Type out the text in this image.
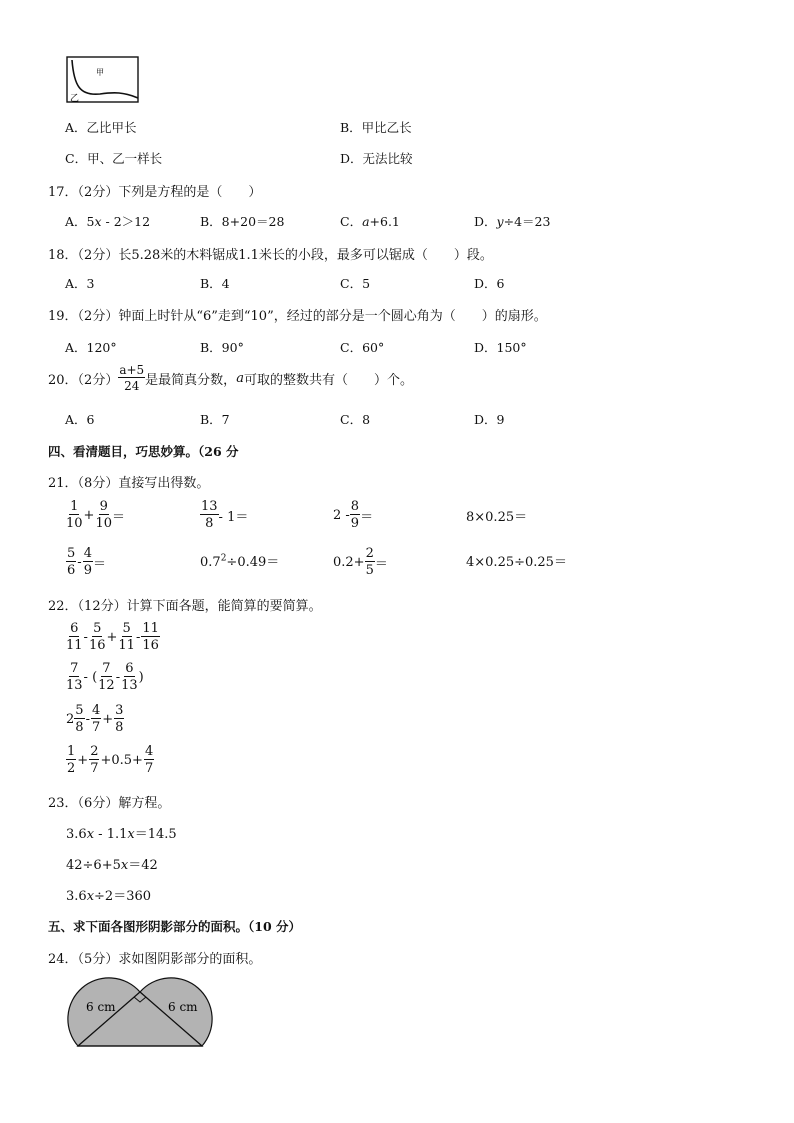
甲
乙
A．乙比甲长	B．甲比乙长
C．甲、乙一样长	D．无法比较
17．（2分）下列是方程的是（　　）
A．5x - 2＞12	B．8+20＝28	C．a+6.1	D．y÷4＝23
18．（2分）长5.28米的木料锯成1.1米长的小段，最多可以锯成（　　）段。
A．3	B．4	C．5	D．6
19．（2分）钟面上时针从“6”走到“10”，经过的部分是一个圆心角为（　　）的扇形。
A．120°	B．90°	C．60°	D．150°
20．（2分） $\frac{a+5}{24}$ 是最简真分数， a 可取的整数共有（　　）个。
A．6	B．7	C．8	D．9
四、看清题目，巧思妙算。（26 分
21．（8分）直接写出得数。
$\frac{1}{10} + \frac{9}{10}$ ＝	$\frac{13}{8} - 1=$	$2 - \frac{8}{9}$ ＝	8×0.25＝
$\frac{5}{6} - \frac{4}{9}$ ＝	$0.7^2\div 0.49=$	$0.2+ \frac{2}{5}$ ＝	4×0.25÷0.25＝
22．（12分）计算下面各题，能简算的要简算。
$\frac{6}{11} - \frac{5}{16} + \frac{5}{11} - \frac{11}{16}$
$\frac{7}{13}$ - ( $\frac{7}{12} - \frac{6}{13}$ )
$2 \frac{5}{8} - \frac{4}{7} + \frac{3}{8}$
$\frac{1}{2} + \frac{2}{7} +0.5+ \frac{4}{7}$
23．（6分）解方程。
3.6x - 1.1x＝14.5
42÷6+5x＝42
3.6x÷2＝360
五、求下面各图形阴影部分的面积。（10 分）
24．（5分）求如图阴影部分的面积。
6 cm	6 cm
